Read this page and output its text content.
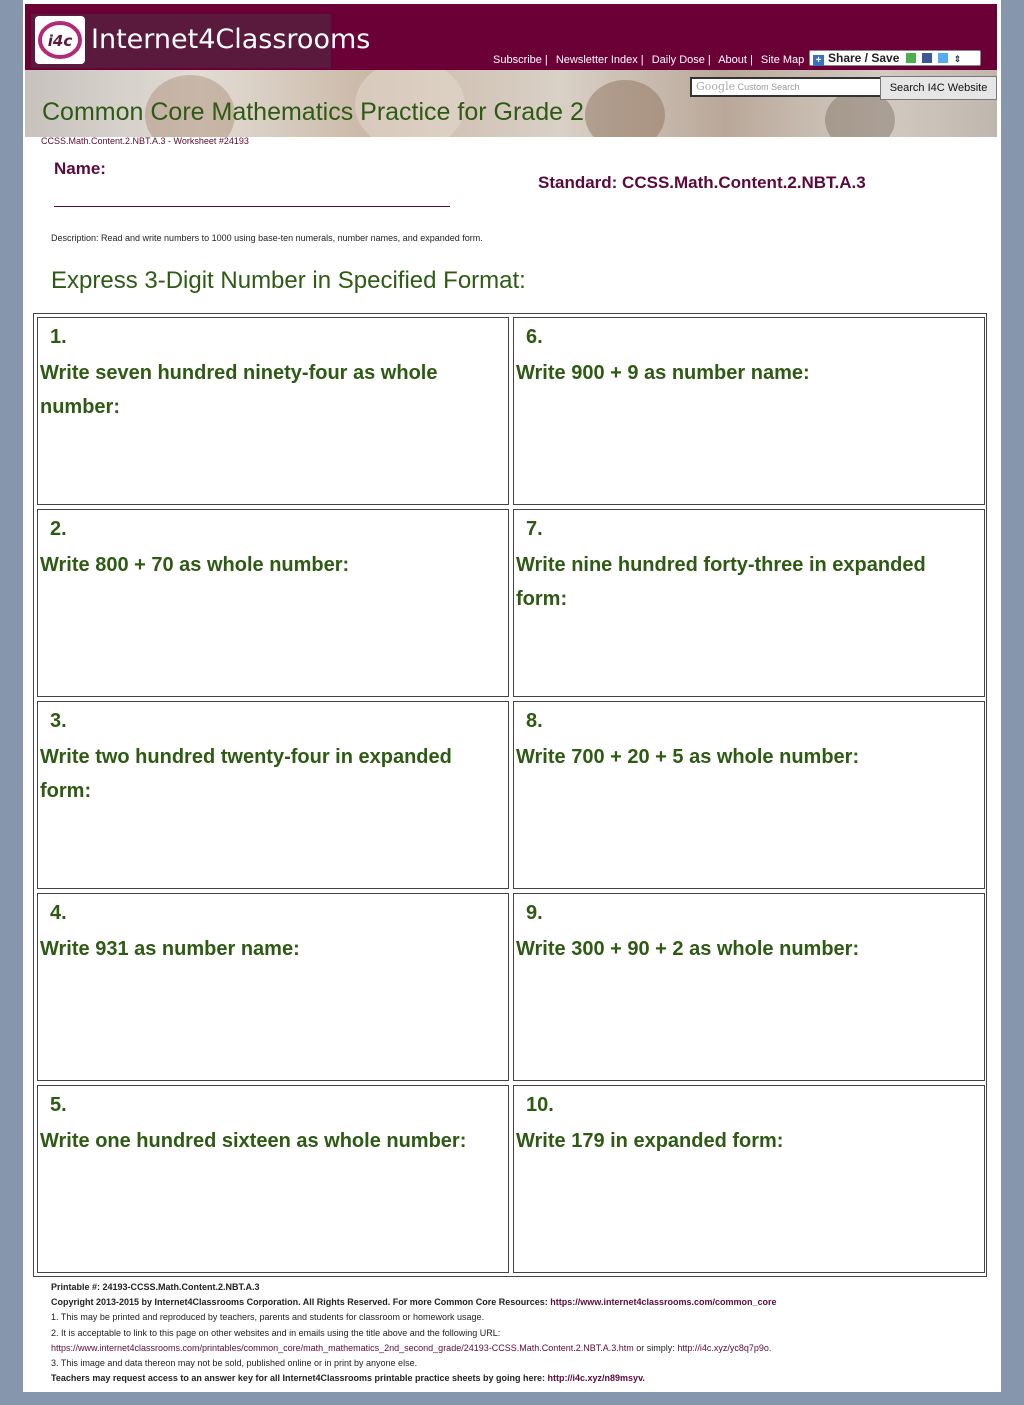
i4c Internet4Classrooms
Subscribe | Newsletter Index | Daily Dose | About | Site Map	+ Share / Save	⇕
Google Custom Search	Search I4C Website
Common Core Mathematics Practice for Grade 2
CCSS.Math.Content.2.NBT.A.3 - Worksheet #24193
Name:
Standard: CCSS.Math.Content.2.NBT.A.3
Description: Read and write numbers to 1000 using base-ten numerals, number names, and expanded form.
Express 3-Digit Number in Specified Format:
1.
Write seven hundred ninety-four as whole number:
2.
Write 800 + 70 as whole number:
3.
Write two hundred twenty-four in expanded form:
4.
Write 931 as number name:
5.
Write one hundred sixteen as whole number:
6.
Write 900 + 9 as number name:
7.
Write nine hundred forty-three in expanded form:
8.
Write 700 + 20 + 5 as whole number:
9.
Write 300 + 90 + 2 as whole number:
10.
Write 179 in expanded form:
Printable #: 24193-CCSS.Math.Content.2.NBT.A.3
Copyright 2013-2015 by Internet4Classrooms Corporation. All Rights Reserved. For more Common Core Resources: https://www.internet4classrooms.com/common_core
1. This may be printed and reproduced by teachers, parents and students for classroom or homework usage.
2. It is acceptable to link to this page on other websites and in emails using the title above and the following URL:
https://www.internet4classrooms.com/printables/common_core/math_mathematics_2nd_second_grade/24193-CCSS.Math.Content.2.NBT.A.3.htm or simply: http://i4c.xyz/yc8q7p9o.
3. This image and data thereon may not be sold, published online or in print by anyone else.
Teachers may request access to an answer key for all Internet4Classrooms printable practice sheets by going here: http://i4c.xyz/n89msyv.
